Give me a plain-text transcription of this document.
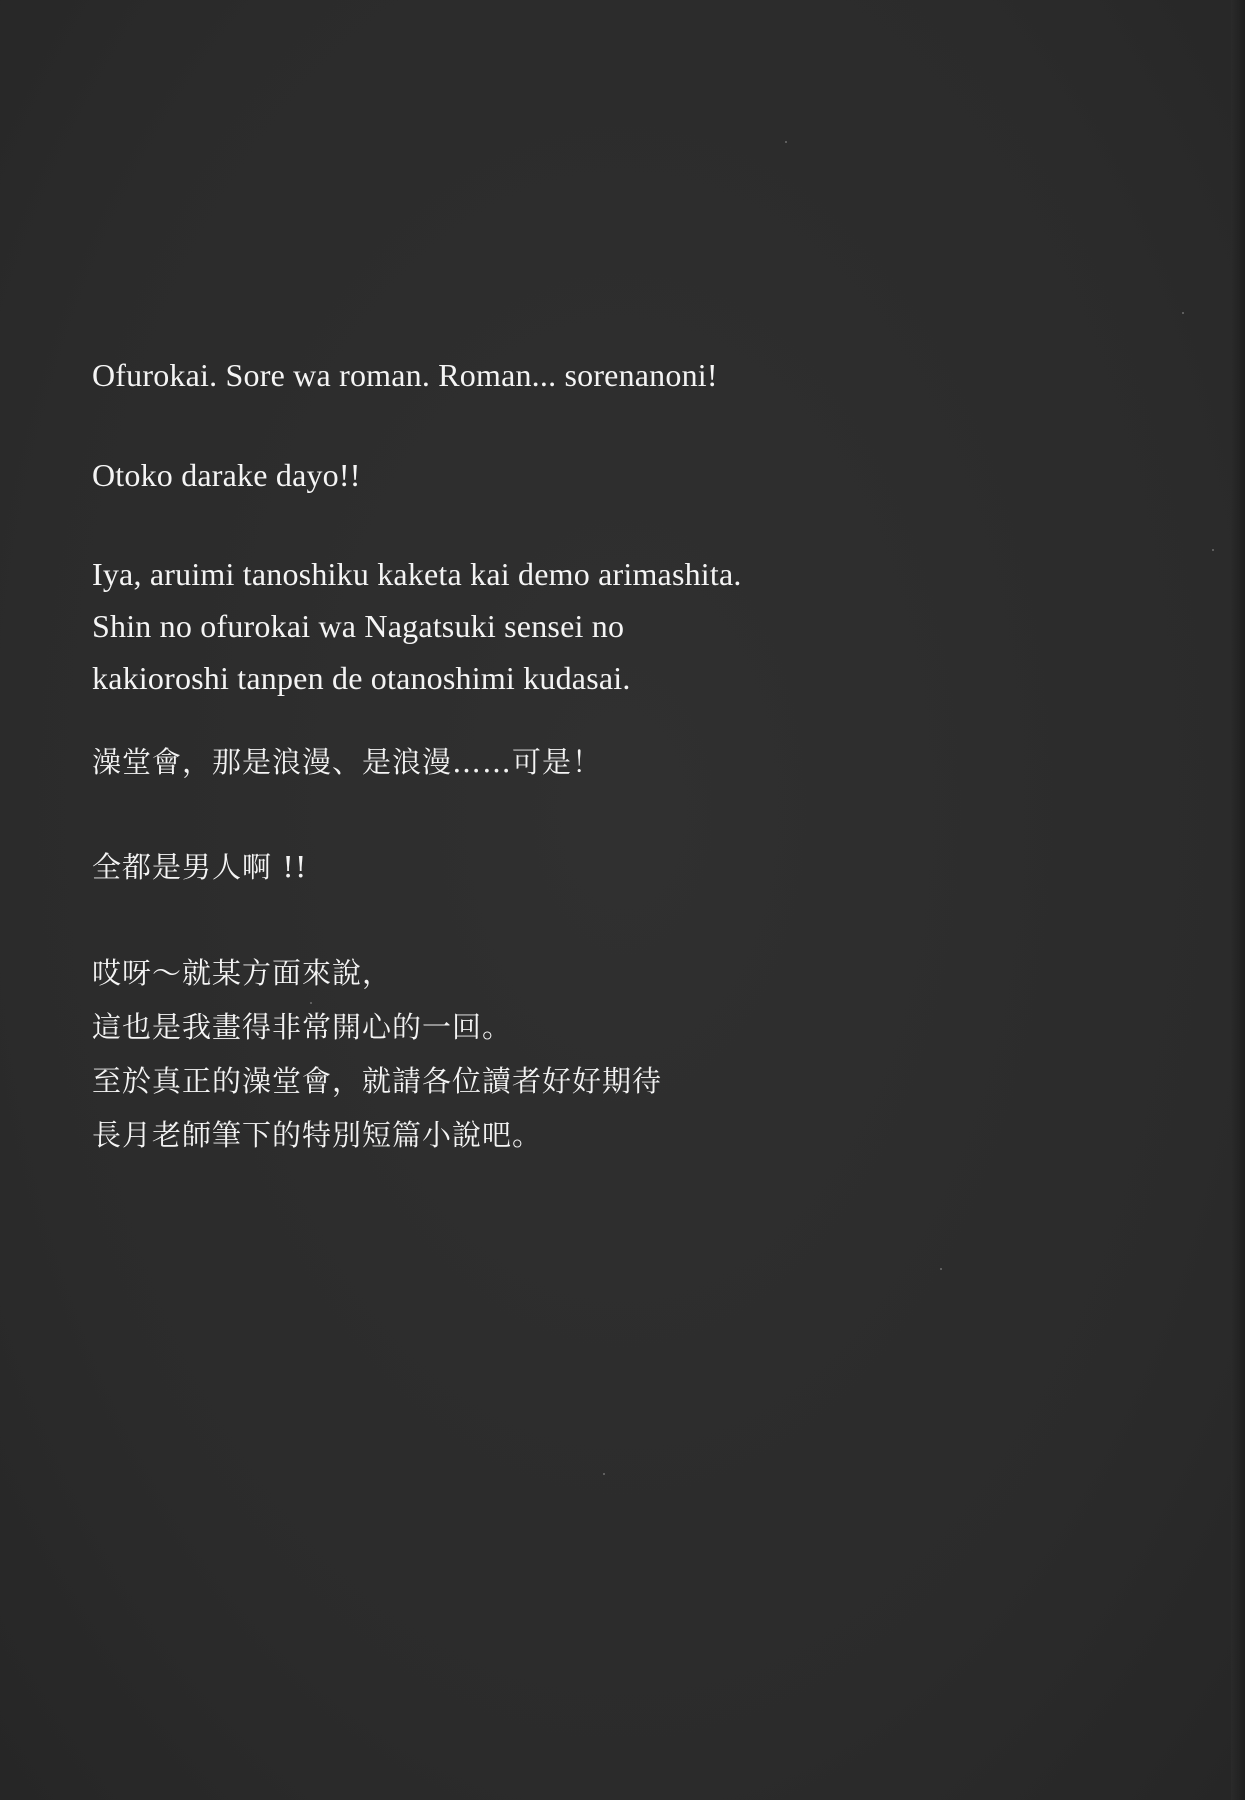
Ofurokai. Sore wa roman. Roman... sorenanoni!
Otoko darake dayo!!
Iya, aruimi tanoshiku kaketa kai demo arimashita.
Shin no ofurokai wa Nagatsuki sensei no
kakioroshi tanpen de otanoshimi kudasai.
澡堂會，那是浪漫、是浪漫……可是！
全都是男人啊 !!
哎呀～就某方面來說，
這也是我畫得非常開心的一回。
至於真正的澡堂會，就請各位讀者好好期待
長月老師筆下的特別短篇小說吧。
